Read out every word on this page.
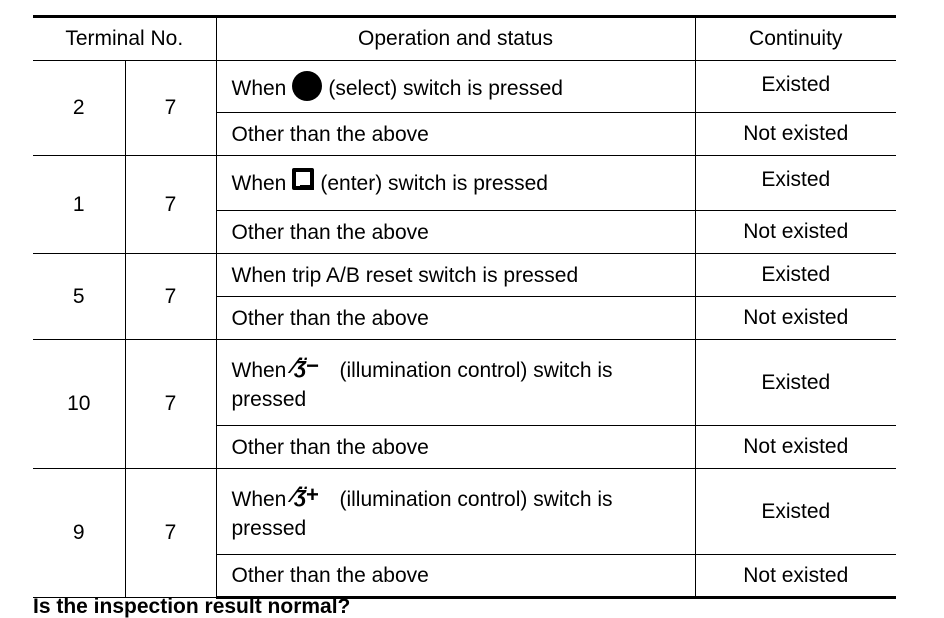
Terminal No.		Operation and status	Continuity
2	7	When (select) switch is pressed	Existed
		Other than the above	Not existed
1	7	When (enter) switch is pressed	Existed
		Other than the above	Not existed
5	7	When trip A/B reset switch is pressed	Existed
		Other than the above	Not existed
10	7	When ⁄ʒ̈− (illumination control) switch is pressed	Existed
		Other than the above	Not existed
9	7	When ⁄ʒ̈+ (illumination control) switch is pressed	Existed
		Other than the above	Not existed
Is the inspection result normal?
